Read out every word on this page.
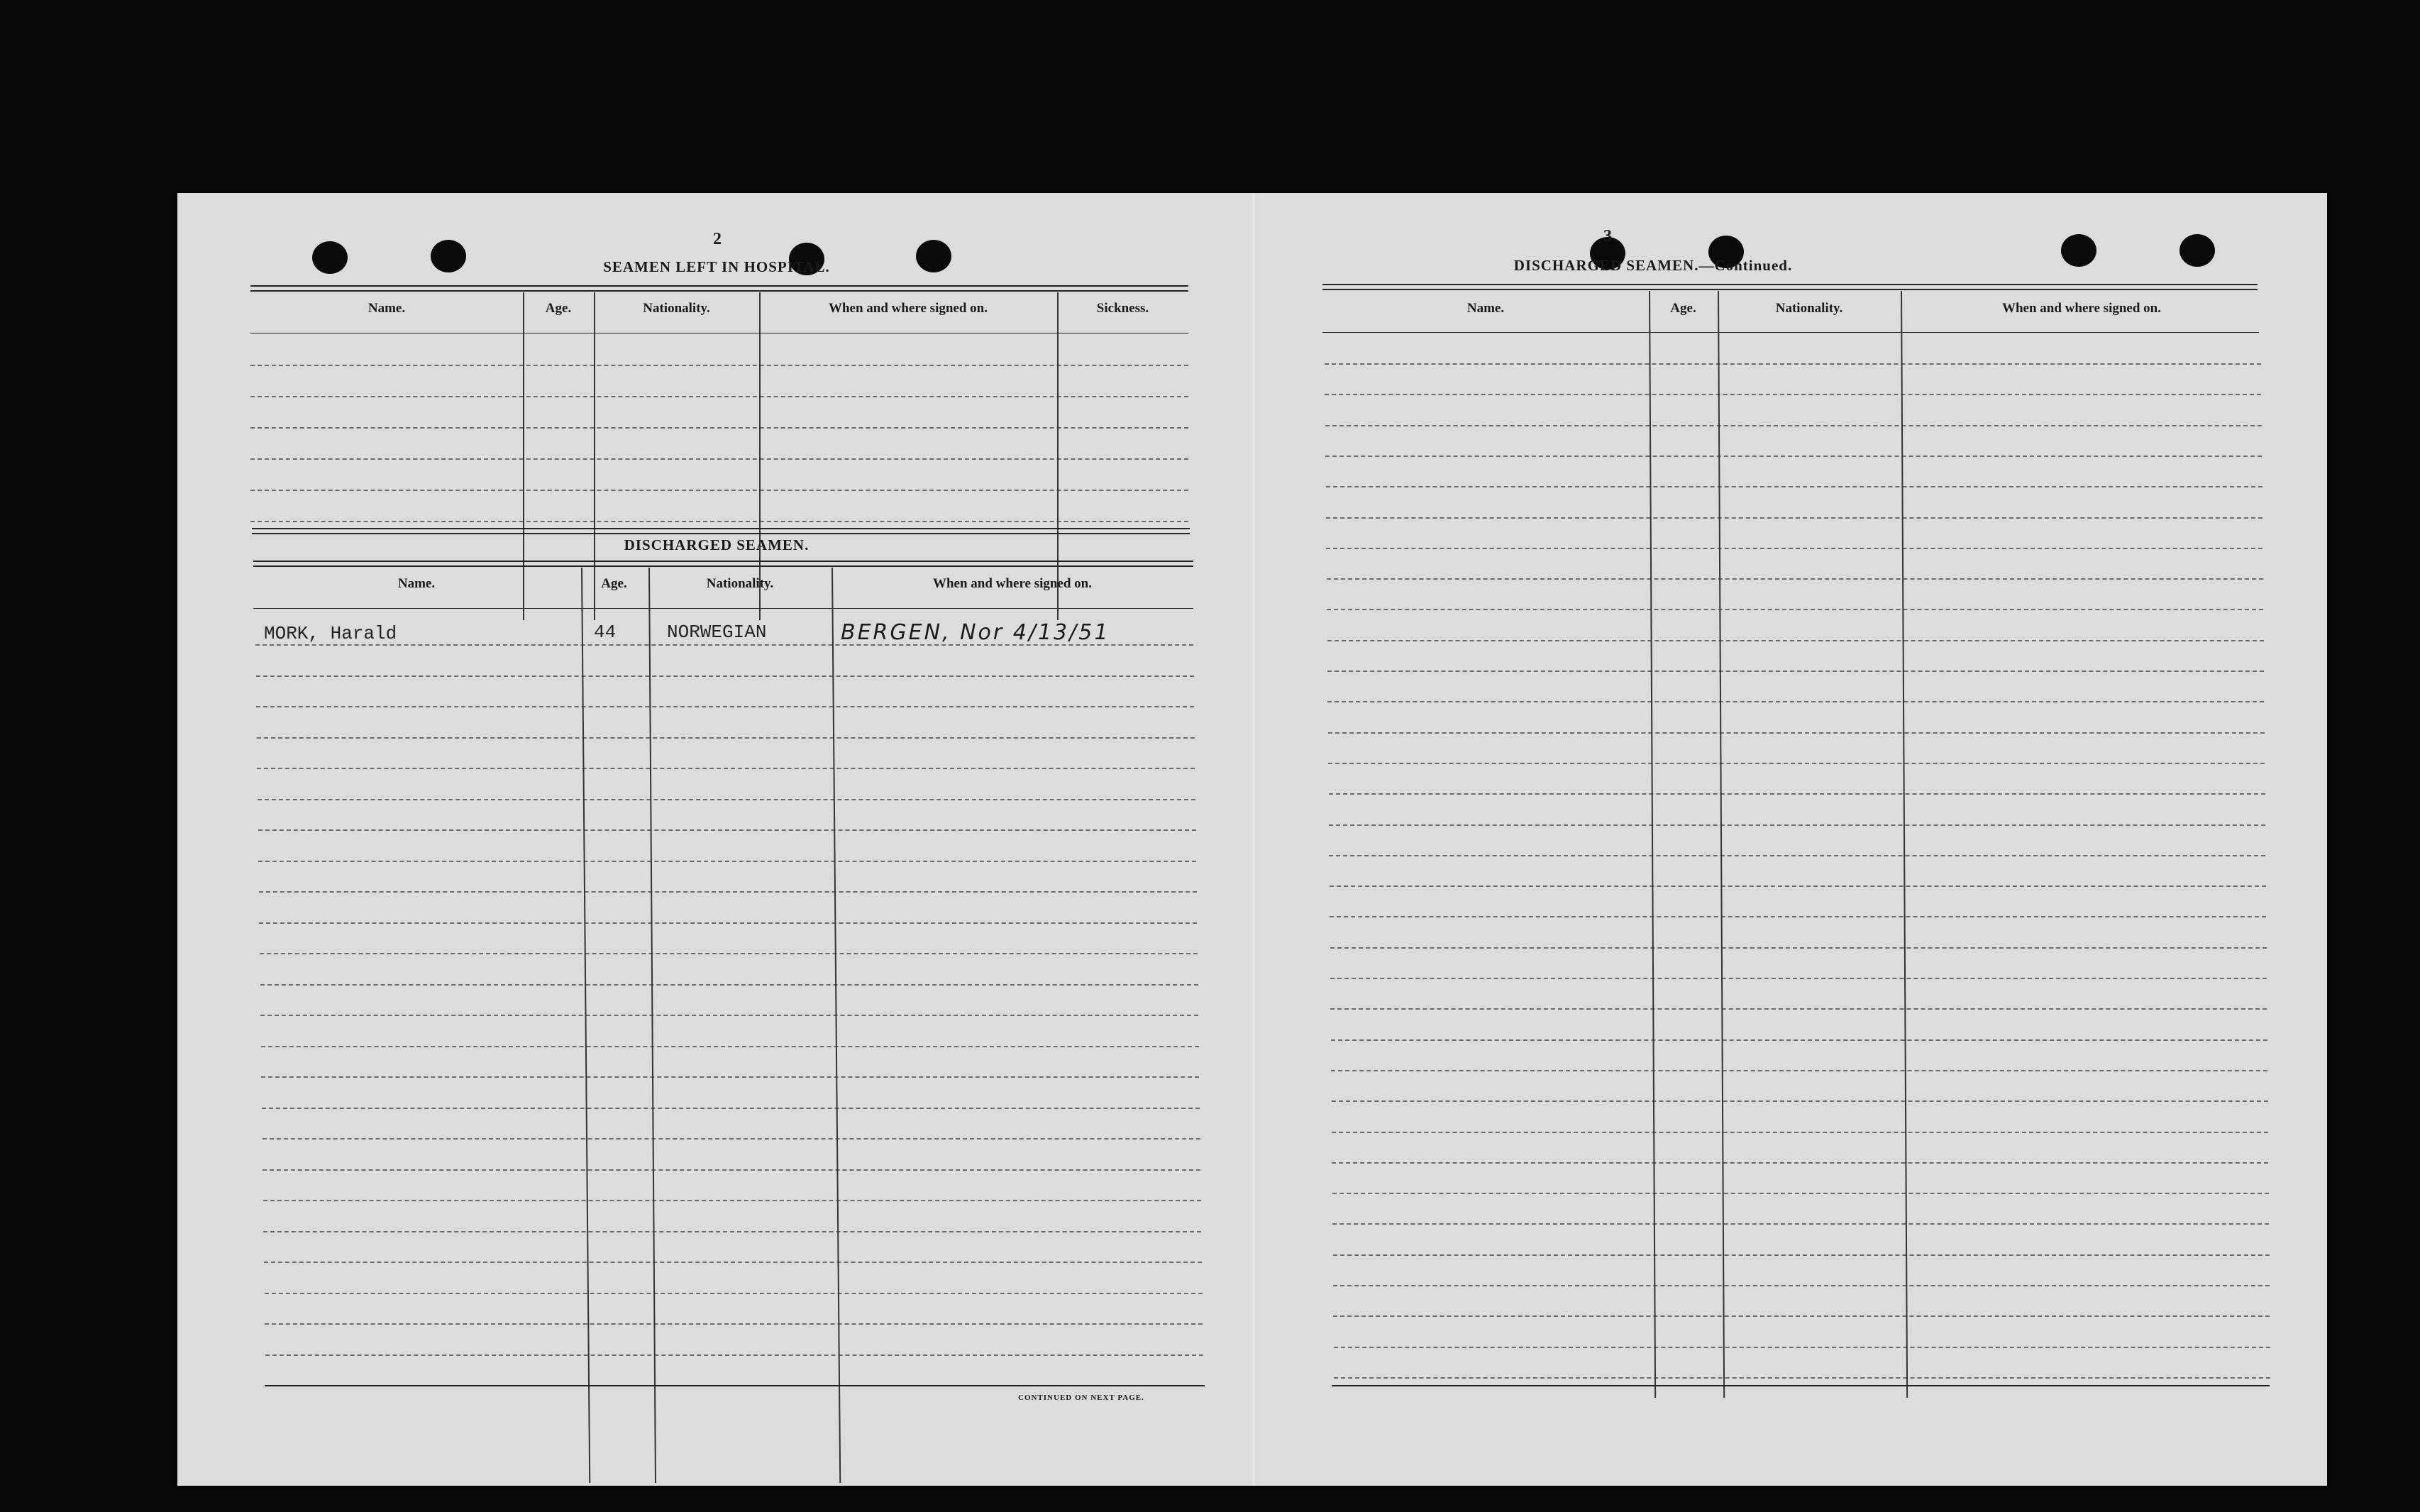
2
SEAMEN LEFT IN HOSPITAL.
Name.	Age.	Nationality.	When and where signed on.	Sickness.
DISCHARGED SEAMEN.
Name.	Age.	Nationality.	When and where signed on.
MORK, Harald	44	NORWEGIAN	BERGEN, Nor 4/13/51
CONTINUED ON NEXT PAGE.
3
DISCHARGED SEAMEN.—Continued.
Name.	Age.	Nationality.	When and where signed on.
